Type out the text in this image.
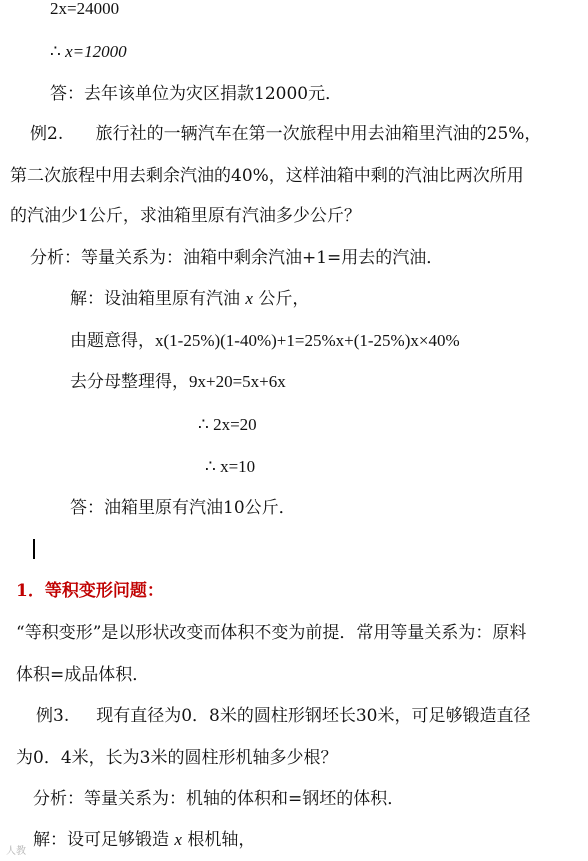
2x=24000
∴ x=12000
答：去年该单位为灾区捐款12000元．
例2.      旅行社的一辆汽车在第一次旅程中用去油箱里汽油的25%，
第二次旅程中用去剩余汽油的40%，这样油箱中剩的汽油比两次所用
的汽油少1公斤，求油箱里原有汽油多少公斤？
分析：等量关系为：油箱中剩余汽油+1=用去的汽油．
解：设油箱里原有汽油 x 公斤，
由题意得，x(1-25%)(1-40%)+1=25%x+(1-25%)x×40%
去分母整理得，9x+20=5x+6x
∴ 2x=20
∴ x=10
答：油箱里原有汽油10公斤．
1．等积变形问题：
“等积变形”是以形状改变而体积不变为前提．常用等量关系为：原料
体积=成品体积．
例3.     现有直径为0．8米的圆柱形钢坯长30米，可足够锻造直径
为0．4米，长为3米的圆柱形机轴多少根？
分析：等量关系为：机轴的体积和=钢坯的体积．
解：设可足够锻造 x 根机轴，
人教
